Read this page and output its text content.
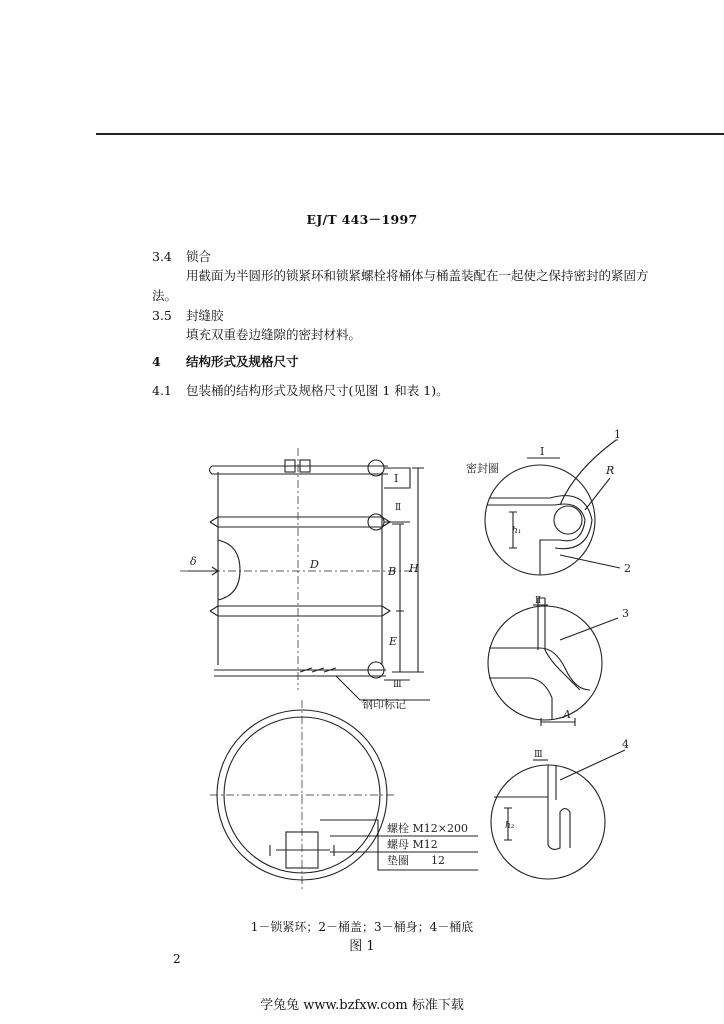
EJ/T 443－1997
3.4 锁合
用截面为半圆形的锁紧环和锁紧螺栓将桶体与桶盖装配在一起使之保持密封的紧固方
法。
3.5 封缝胶
填充双重卷边缝隙的密封材料。
4 结构形式及规格尺寸
4.1 包装桶的结构形式及规格尺寸(见图 1 和表 1)。
δ	D
B H
E
I
Ⅱ
Ⅲ
钢印标记
I
1
密封圈	R
h₁
2
Ⅱ
3
A
Ⅲ
4
h₂
螺栓 M12×200
螺母 M12
垫圈　　12
1－锁紧环；2－桶盖；3－桶身；4－桶底
图 1
2
学兔兔 www.bzfxw.com 标准下载
